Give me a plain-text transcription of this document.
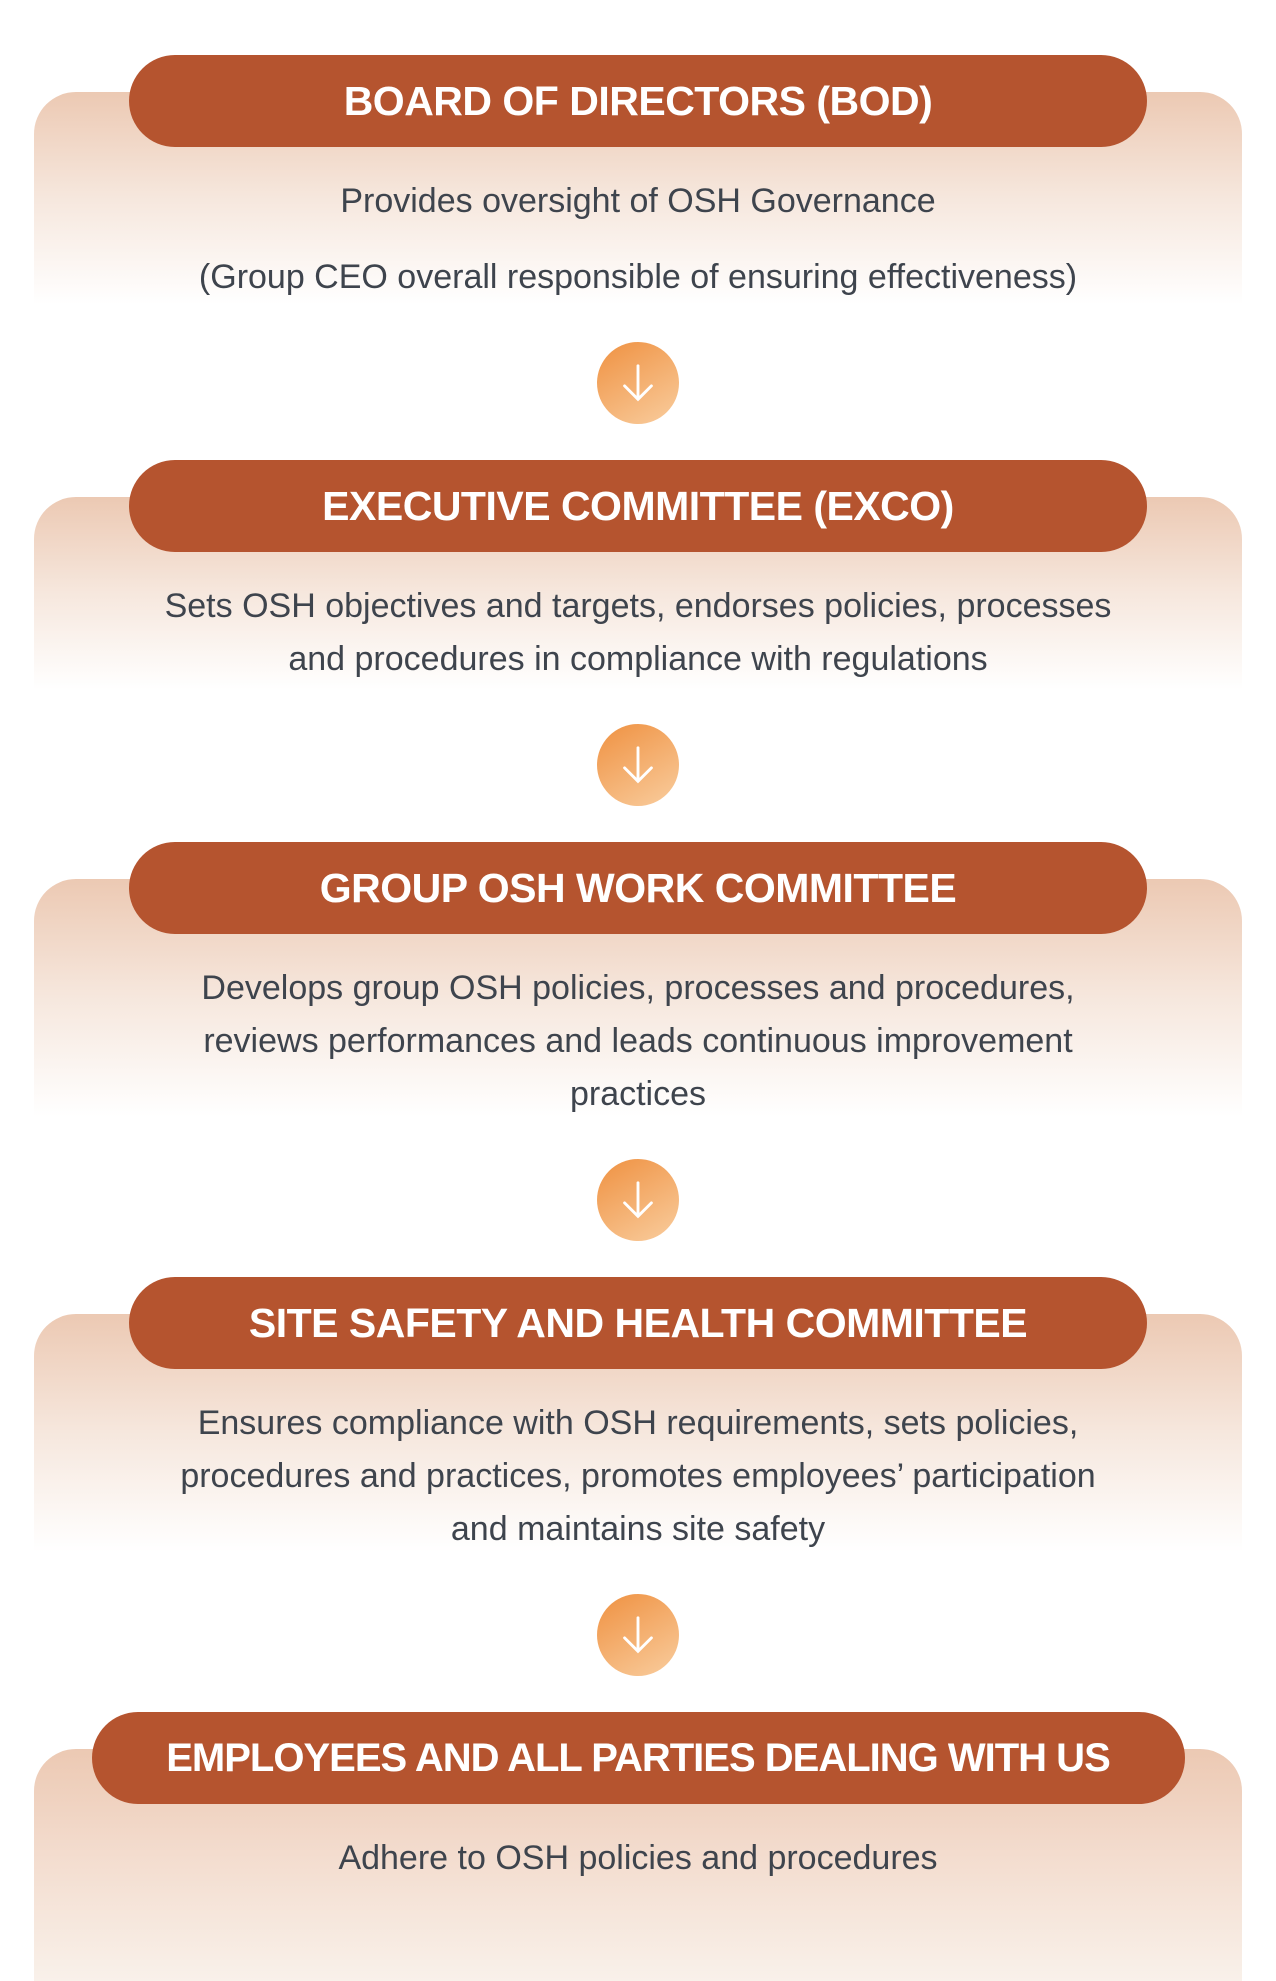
BOARD OF DIRECTORS (BOD)
Provides oversight of OSH Governance
(Group CEO overall responsible of ensuring effectiveness)
EXECUTIVE COMMITTEE (EXCO)
Sets OSH objectives and targets, endorses policies, processes
and procedures in compliance with regulations
GROUP OSH WORK COMMITTEE
Develops group OSH policies, processes and procedures,
reviews performances and leads continuous improvement
practices
SITE SAFETY AND HEALTH COMMITTEE
Ensures compliance with OSH requirements, sets policies,
procedures and practices, promotes employees’ participation
and maintains site safety
EMPLOYEES AND ALL PARTIES DEALING WITH US
Adhere to OSH policies and procedures
